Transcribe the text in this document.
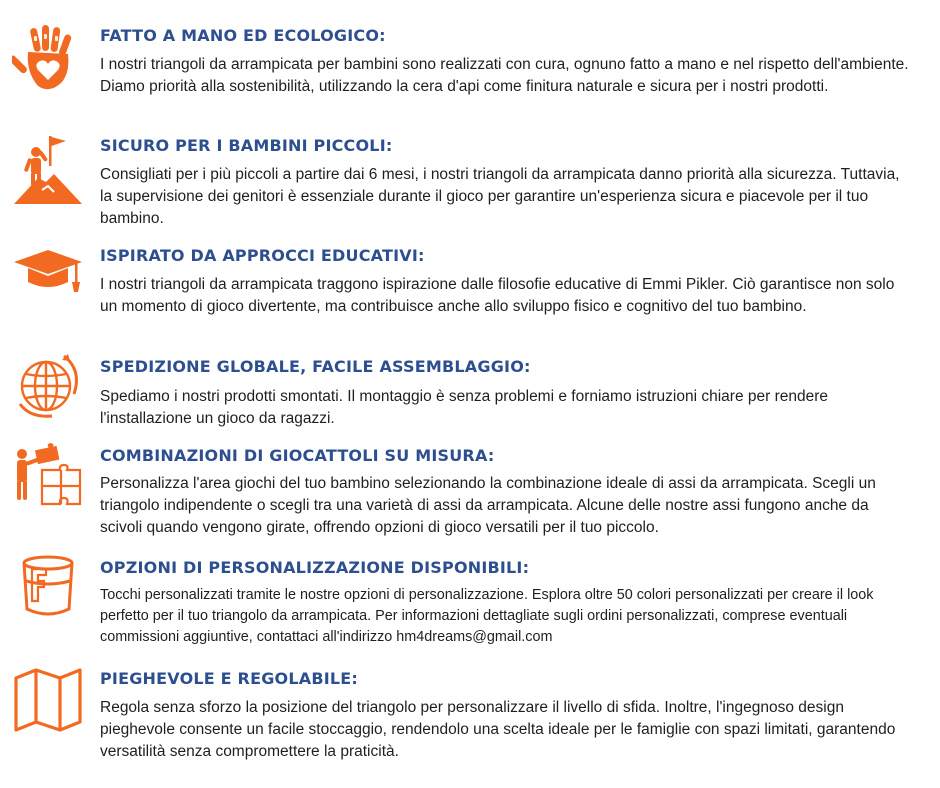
FATTO A MANO ED ECOLOGICO:

I nostri triangoli da arrampicata per bambini sono realizzati con cura, ognuno fatto a mano e nel rispetto dell'ambiente. Diamo priorità alla sostenibilità, utilizzando la cera d'api come finitura naturale e sicura per i nostri prodotti.

SICURO PER I BAMBINI PICCOLI:

Consigliati per i più piccoli a partire dai 6 mesi, i nostri triangoli da arrampicata danno priorità alla sicurezza. Tuttavia, la supervisione dei genitori è essenziale durante il gioco per garantire un'esperienza sicura e piacevole per il tuo bambino.

ISPIRATO DA APPROCCI EDUCATIVI:

I nostri triangoli da arrampicata traggono ispirazione dalle filosofie educative di Emmi Pikler. Ciò garantisce non solo un momento di gioco divertente, ma contribuisce anche allo sviluppo fisico e cognitivo del tuo bambino.

SPEDIZIONE GLOBALE, FACILE ASSEMBLAGGIO:

Spediamo i nostri prodotti smontati. Il montaggio è senza problemi e forniamo istruzioni chiare per rendere l'installazione un gioco da ragazzi.

COMBINAZIONI DI GIOCATTOLI SU MISURA:

Personalizza l'area giochi del tuo bambino selezionando la combinazione ideale di assi da arrampicata. Scegli un triangolo indipendente o scegli tra una varietà di assi da arrampicata. Alcune delle nostre assi fungono anche da scivoli quando vengono girate, offrendo opzioni di gioco versatili per il tuo piccolo.

OPZIONI DI PERSONALIZZAZIONE DISPONIBILI:

Tocchi personalizzati tramite le nostre opzioni di personalizzazione. Esplora oltre 50 colori personalizzati per creare il look perfetto per il tuo triangolo da arrampicata. Per informazioni dettagliate sugli ordini personalizzati, comprese eventuali commissioni aggiuntive, contattaci all'indirizzo hm4dreams@gmail.com

PIEGHEVOLE E REGOLABILE:

Regola senza sforzo la posizione del triangolo per personalizzare il livello di sfida. Inoltre, l'ingegnoso design pieghevole consente un facile stoccaggio, rendendolo una scelta ideale per le famiglie con spazi limitati, garantendo versatilità senza compromettere la praticità.
